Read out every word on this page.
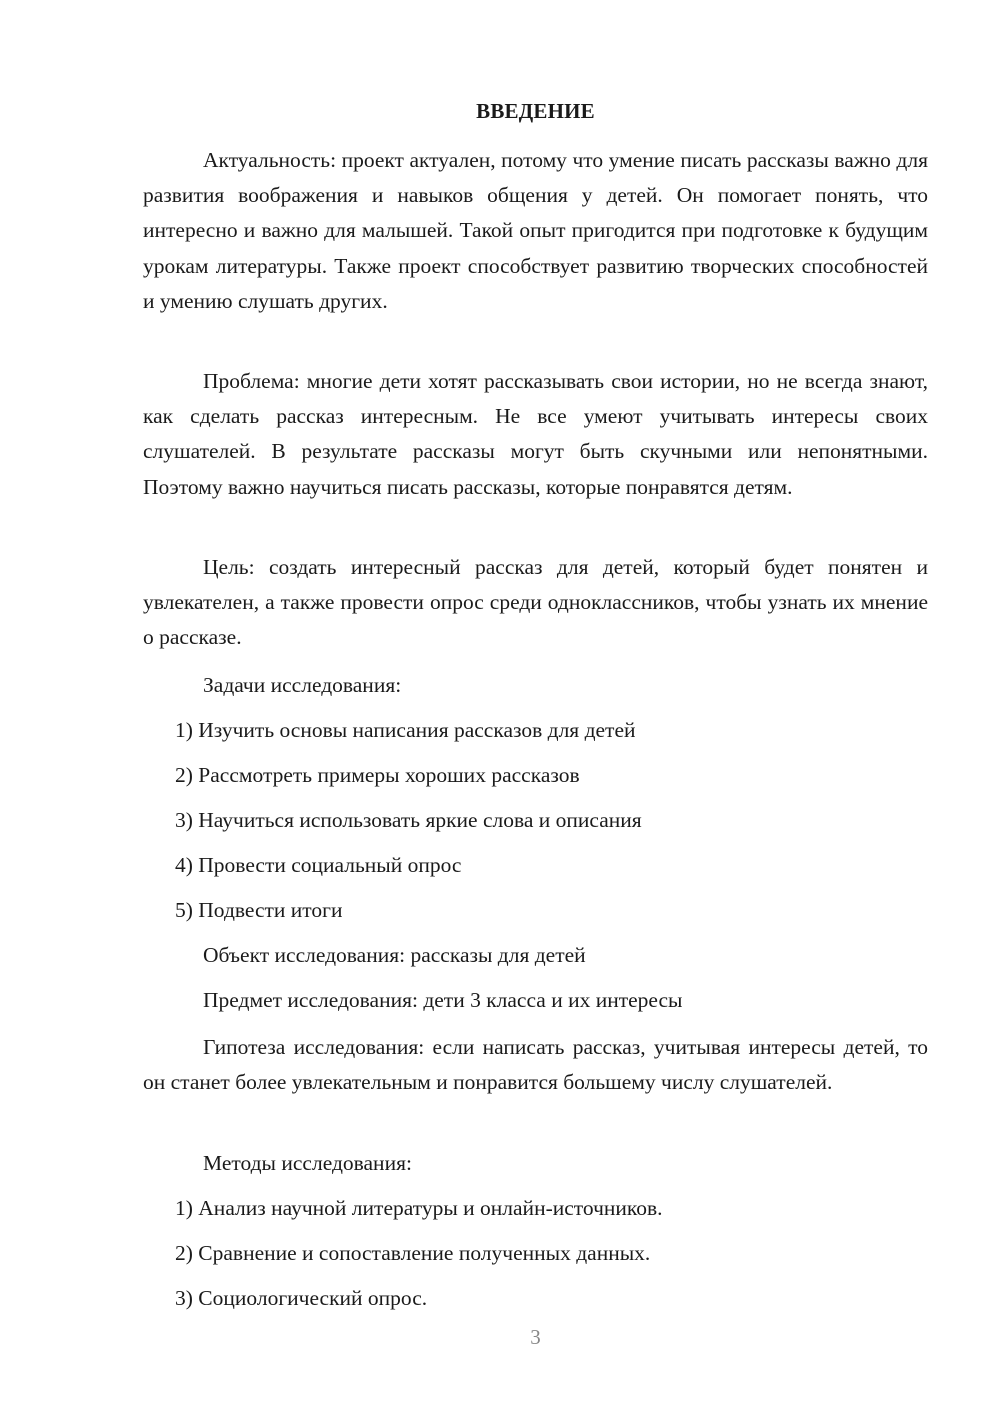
ВВЕДЕНИЕ

Актуальность: проект актуален, потому что умение писать рассказы важно для развития воображения и навыков общения у детей. Он помогает понять, что интересно и важно для малышей. Такой опыт пригодится при подготовке к будущим урокам литературы. Также проект способствует развитию творческих способностей и умению слушать других.

Проблема: многие дети хотят рассказывать свои истории, но не всегда знают, как сделать рассказ интересным. Не все умеют учитывать интересы своих слушателей. В результате рассказы могут быть скучными или непонятными. Поэтому важно научиться писать рассказы, которые понравятся детям.

Цель: создать интересный рассказ для детей, который будет понятен и увлекателен, а также провести опрос среди одноклассников, чтобы узнать их мнение о рассказе.

Задачи исследования:
1) Изучить основы написания рассказов для детей
2) Рассмотреть примеры хороших рассказов
3) Научиться использовать яркие слова и описания
4) Провести социальный опрос
5) Подвести итоги
Объект исследования: рассказы для детей
Предмет исследования: дети 3 класса и их интересы

Гипотеза исследования: если написать рассказ, учитывая интересы детей, то он станет более увлекательным и понравится большему числу слушателей.

Методы исследования:
1) Анализ научной литературы и онлайн-источников.
2) Сравнение и сопоставление полученных данных.
3) Социологический опрос.
3
